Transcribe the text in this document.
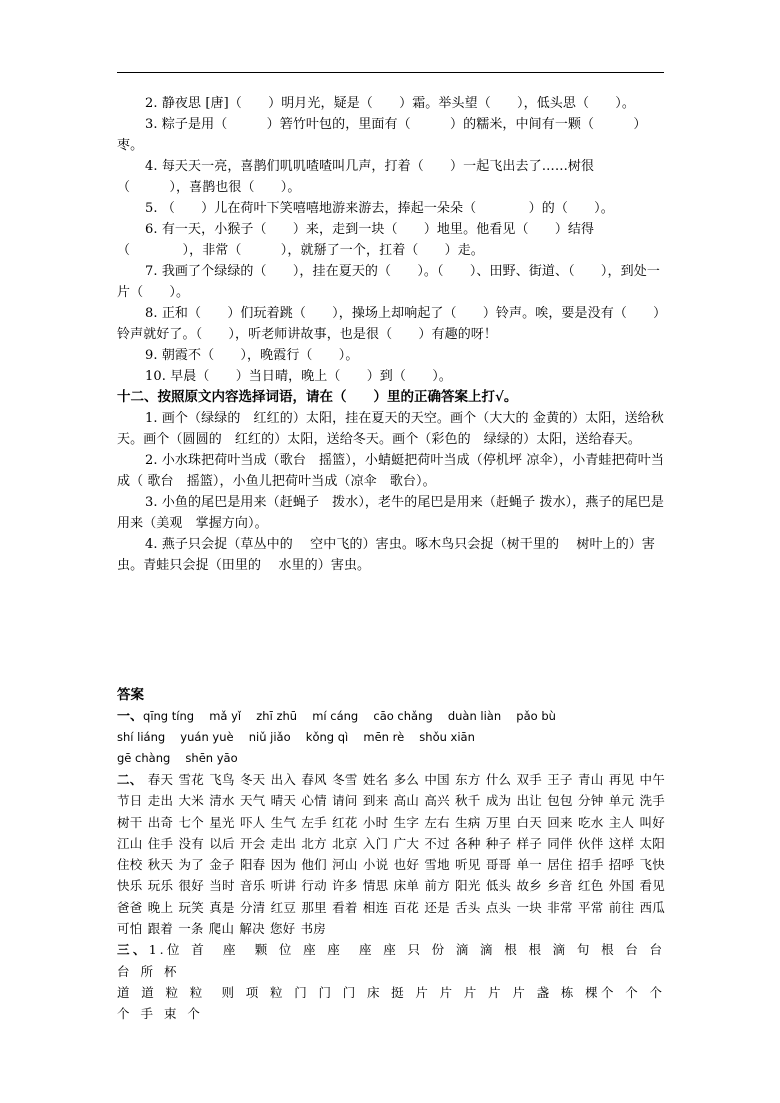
2. 静夜思 [唐]（　　）明月光，疑是（　　）霜。举头望（　　），低头思（　　）。

3. 粽子是用（　　　）箬竹叶包的，里面有（　　　）的糯米，中间有一颗（　　　）枣。

4. 每天天一亮，喜鹊们叽叽喳喳叫几声，打着（　　）一起飞出去了……树很（　　　），喜鹊也很（　　）。

5. （　　）儿在荷叶下笑嘻嘻地游来游去，捧起一朵朵（　　　　）的（　　）。

6. 有一天，小猴子（　　）来，走到一块（　　）地里。他看见（　　）结得（　　　　），非常（　　　），就掰了一个，扛着（　　）走。

7. 我画了个绿绿的（　　），挂在夏天的（　　）。（　　）、田野、街道、（　　），到处一片（　　）。

8. 正和（　　）们玩着跳（　　），操场上却响起了（　　）铃声。唉，要是没有（　　）铃声就好了。（　　），听老师讲故事，也是很（　　）有趣的呀！

9. 朝霞不（　　），晚霞行（　　）。

10. 早晨（　　）当日晴，晚上（　　）到（　　）。

十二、按照原文内容选择词语，请在（　　）里的正确答案上打√。

1. 画个（绿绿的　红红的）太阳，挂在夏天的天空。画个（大大的 金黄的）太阳，送给秋天。画个（圆圆的　红红的）太阳，送给冬天。画个（彩色的　绿绿的）太阳，送给春天。

2. 小水珠把荷叶当成（歌台　摇篮），小蜻蜓把荷叶当成（停机坪 凉伞），小青蛙把荷叶当成（ 歌台　摇篮），小鱼儿把荷叶当成（凉伞　歌台）。

3. 小鱼的尾巴是用来（赶蝇子　拨水），老牛的尾巴是用来（赶蝇子 拨水），燕子的尾巴是用来（美观　掌握方向）。

4. 燕子只会捉（草丛中的　 空中飞的）害虫。啄木鸟只会捉（树干里的　 树叶上的）害虫。青蛙只会捉（田里的　 水里的）害虫。

答案

一、qīng tíng　 mǎ yǐ　 zhī zhū　 mí cáng　 cāo chǎng　 duàn liàn　 pǎo bù

shí liáng　 yuán yuè　 niǔ jiǎo　 kǒng qì　 mēn rè　 shǒu xiān

gē chàng　 shēn yāo

二、 春天 雪花 飞鸟 冬天 出入 春风 冬雪 姓名 多么 中国 东方 什么 双手 王子 青山 再见 中午 节日 走出 大米 清水 天气 晴天 心情 请问 到来 高山 高兴 秋千 成为 出让 包包 分钟 单元 洗手 树干 出奇 七个 星光 吓人 生气 左手 红花 小时 生字 左右 生病 万里 白天 回来 吃水 主人 叫好 江山 住手 没有 以后 开会 走出 北方 北京 入门 广大 不过 各种 种子 样子 同伴 伙伴 这样 太阳 住校 秋天 为了 金子 阳春 因为 他们 河山 小说 也好 雪地 听见 哥哥 单一 居住 招手 招呼 飞快 快乐 玩乐 很好 当时 音乐 听讲 行动 许多 情思 床单 前方 阳光 低头 故乡 乡音 红色 外国 看见 爸爸 晚上 玩笑 真是 分清 红豆 那里 看着 相连 百花 还是 舌头 点头 一块 非常 平常 前往 西瓜 可怕 跟着 一条 爬山 解决 您好 书房

三、1.位 首　座　颗 位 座 座　座 座 只 份 滴 滴 根 根 滴 句 根 台 台　台 所 杯

道 道 粒 粒　则 项 粒 门 门 门 床 挺 片 片 片 片 片 盏 栋 棵个 个 个 个 手 束 个
